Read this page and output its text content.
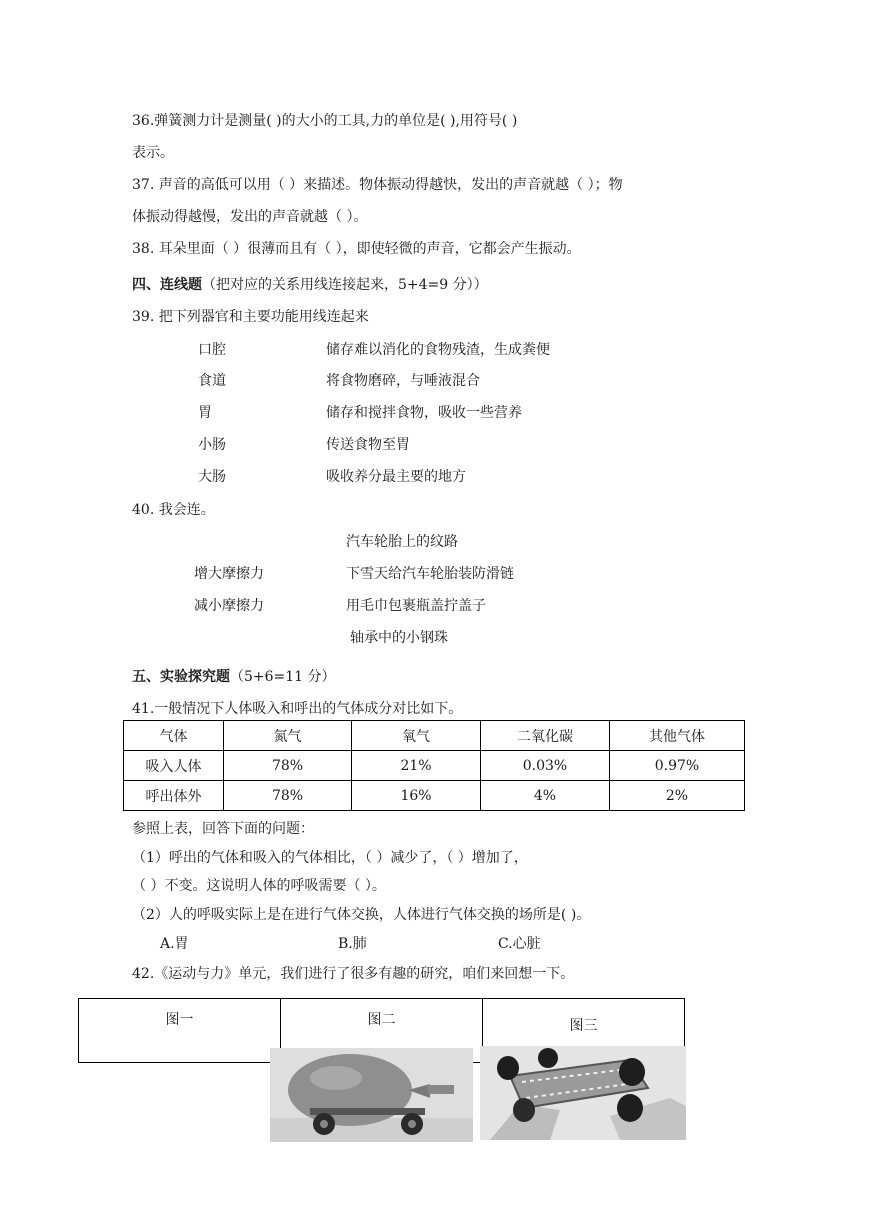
36.弹簧测力计是测量( )的大小的工具,力的单位是( ),用符号( )
表示。
37. 声音的高低可以用（ ）来描述。物体振动得越快，发出的声音就越（ ）；物
体振动得越慢，发出的声音就越（ ）。
38. 耳朵里面（ ）很薄而且有（ ），即使轻微的声音，它都会产生振动。
四、连线题（把对应的关系用线连接起来，5+4=9 分））
39. 把下列器官和主要功能用线连起来
口腔
食道
胃
小肠
大肠
储存难以消化的食物残渣，生成粪便
将食物磨碎，与唾液混合
储存和搅拌食物，吸收一些营养
传送食物至胃
吸收养分最主要的地方
40. 我会连。
汽车轮胎上的纹路
增大摩擦力	下雪天给汽车轮胎装防滑链
减小摩擦力	用毛巾包裹瓶盖拧盖子
轴承中的小钢珠
五、实验探究题（5+6=11 分）
41.一般情况下人体吸入和呼出的气体成分对比如下。
气体	氮气	氧气	二氧化碳	其他气体
吸入人体	78%	21%	0.03%	0.97%
呼出体外	78%	16%	4%	2%
参照上表，回答下面的问题：
（1）呼出的气体和吸入的气体相比，（ ）减少了，（ ）增加了，
（ ）不变。这说明人体的呼吸需要（ ）。
（2）人的呼吸实际上是在进行气体交换，人体进行气体交换的场所是( )。
A.胃	B.肺	C.心脏
42.《运动与力》单元，我们进行了很多有趣的研究，咱们来回想一下。
图一	图二	图三
